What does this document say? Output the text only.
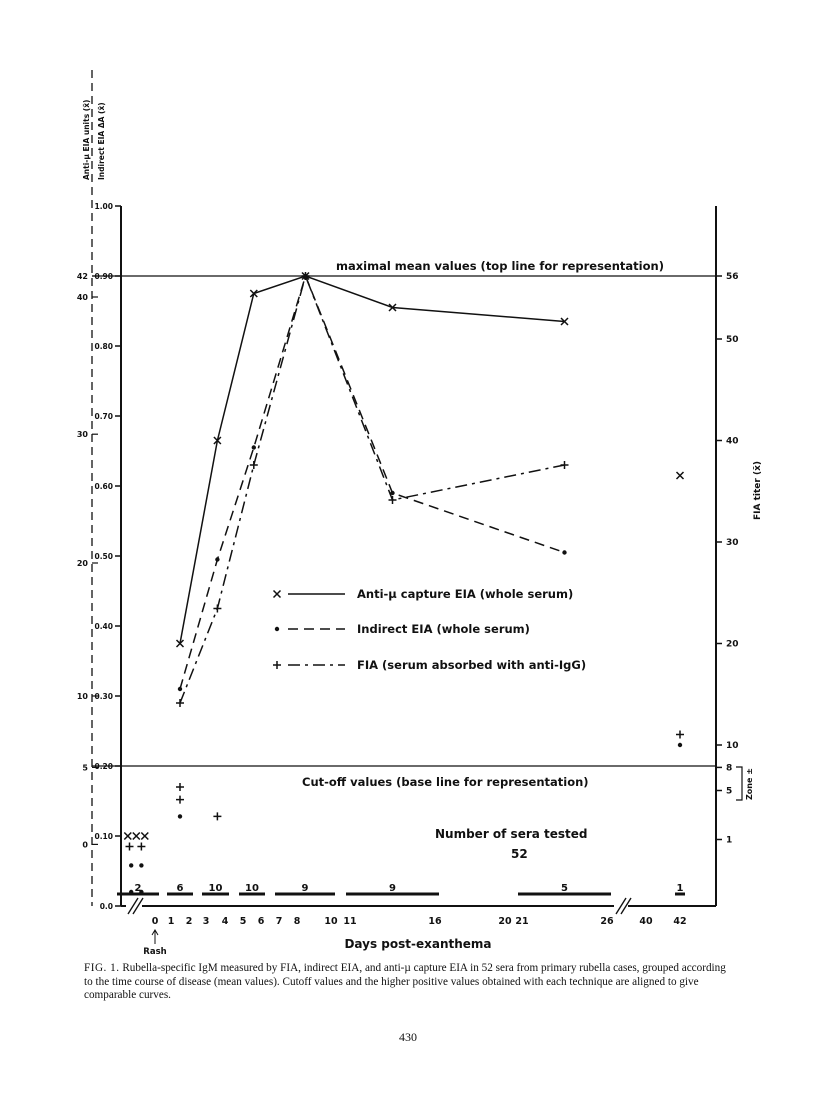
0.0
0.10
0.20
0.30
0.40
0.50
0.60
0.70
0.80
0.90
1.00
0
5
10
20
30
40
42
1
5
8
10
20
30
40
50
56
Anti-µ EIA units (x̄) Indirect EIA ΔA (x̄)
FIA titer (x̄)
Zone ±
maximal mean values (top line for representation)
Cut-off values (base line for representation)
Anti-µ capture EIA (whole serum)
Indirect EIA (whole serum)
FIA (serum absorbed with anti-IgG)
Number of sera tested
52
2	6	10 10	9	9	5	1
0 1 2 3 4 5 6 7 8	10 11	16	20 21	26	40 42
Rash
Days post-exanthema
FIG. 1. Rubella-specific IgM measured by FIA, indirect EIA, and anti-µ capture EIA in 52 sera from primary rubella cases, grouped according to the time course of disease (mean values). Cutoff values and the higher positive values obtained with each technique are aligned to give comparable curves.
430
